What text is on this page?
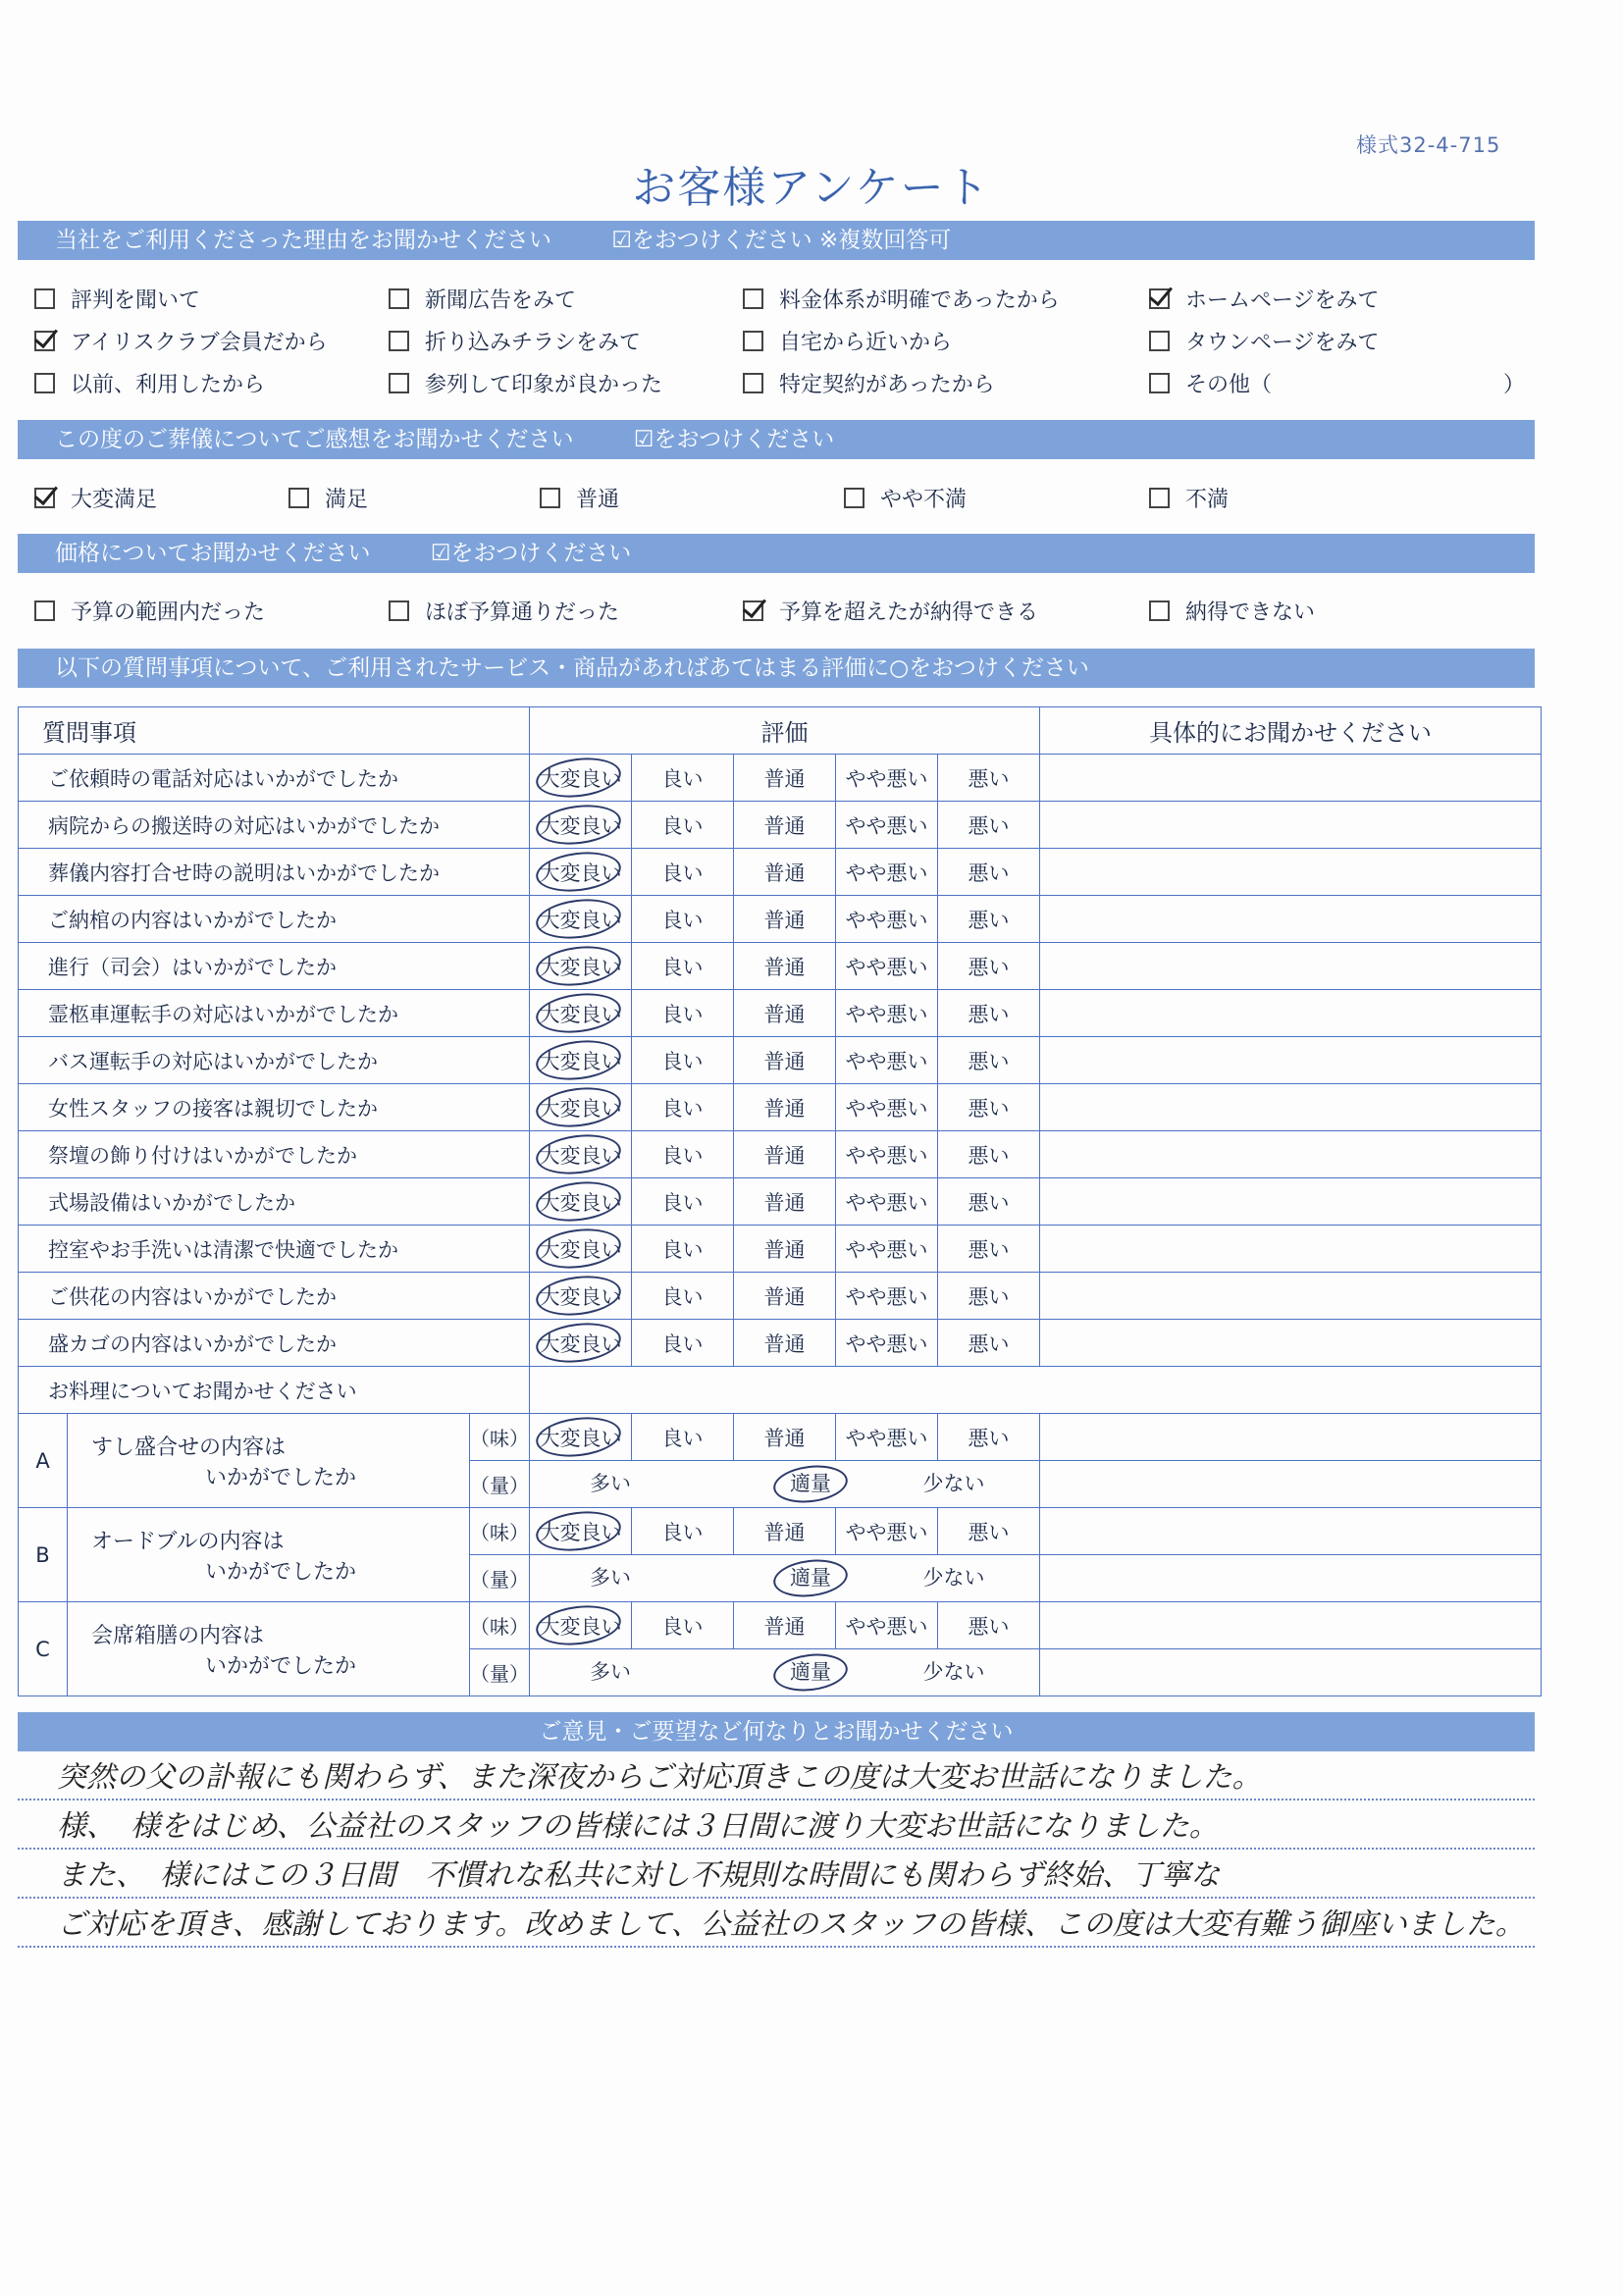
様式32-4-715
お客様アンケート
当社をご利用くださった理由をお聞かせください	☑をおつけください ※複数回答可
評判を聞いて	新聞広告をみて	料金体系が明確であったから	ホームページをみて
アイリスクラブ会員だから	折り込みチラシをみて	自宅から近いから	タウンページをみて
以前、利用したから	参列して印象が良かった	特定契約があったから	その他（	）
この度のご葬儀についてご感想をお聞かせください	☑をおつけください
大変満足	満足	普通	やや不満	不満
価格についてお聞かせください	☑をおつけください
予算の範囲内だった	ほぼ予算通りだった	予算を超えたが納得できる	納得できない
以下の質問事項について、ご利用されたサービス・商品があればあてはまる評価に○をおつけください
質問事項			評価					具体的にお聞かせください
ご依頼時の電話対応はいかがでしたか			大変良い	良い	普通	やや悪い	悪い	
病院からの搬送時の対応はいかがでしたか			大変良い	良い	普通	やや悪い	悪い	
葬儀内容打合せ時の説明はいかがでしたか			大変良い	良い	普通	やや悪い	悪い	
ご納棺の内容はいかがでしたか			大変良い	良い	普通	やや悪い	悪い	
進行（司会）はいかがでしたか			大変良い	良い	普通	やや悪い	悪い	
霊柩車運転手の対応はいかがでしたか			大変良い	良い	普通	やや悪い	悪い	
バス運転手の対応はいかがでしたか			大変良い	良い	普通	やや悪い	悪い	
女性スタッフの接客は親切でしたか			大変良い	良い	普通	やや悪い	悪い	
祭壇の飾り付けはいかがでしたか			大変良い	良い	普通	やや悪い	悪い	
式場設備はいかがでしたか			大変良い	良い	普通	やや悪い	悪い	
控室やお手洗いは清潔で快適でしたか			大変良い	良い	普通	やや悪い	悪い	
ご供花の内容はいかがでしたか			大変良い	良い	普通	やや悪い	悪い	
盛カゴの内容はいかがでしたか			大変良い	良い	普通	やや悪い	悪い	
お料理についてお聞かせください								
A	すし盛合せの内容は
いかがでしたか	（味）	大変良い	良い	普通	やや悪い	悪い	
		（量）	多い 適量 少ない					

B	オードブルの内容は
いかがでしたか	（味）	大変良い	良い	普通	やや悪い	悪い	
		（量）	多い 適量 少ない					

C	会席箱膳の内容は
いかがでしたか	（味）	大変良い	良い	普通	やや悪い	悪い	
		（量）	多い 適量 少ない					

ご意見・ご要望など何なりとお聞かせください
突然の父の訃報にも関わらず、また深夜からご対応頂きこの度は大変お世話になりました。
様、　様をはじめ、公益社のスタッフの皆様には３日間に渡り大変お世話になりました。
また、　様にはこの３日間　不慣れな私共に対し不規則な時間にも関わらず終始、丁寧な
ご対応を頂き、感謝しております。改めまして、公益社のスタッフの皆様、この度は大変有難う御座いました。
